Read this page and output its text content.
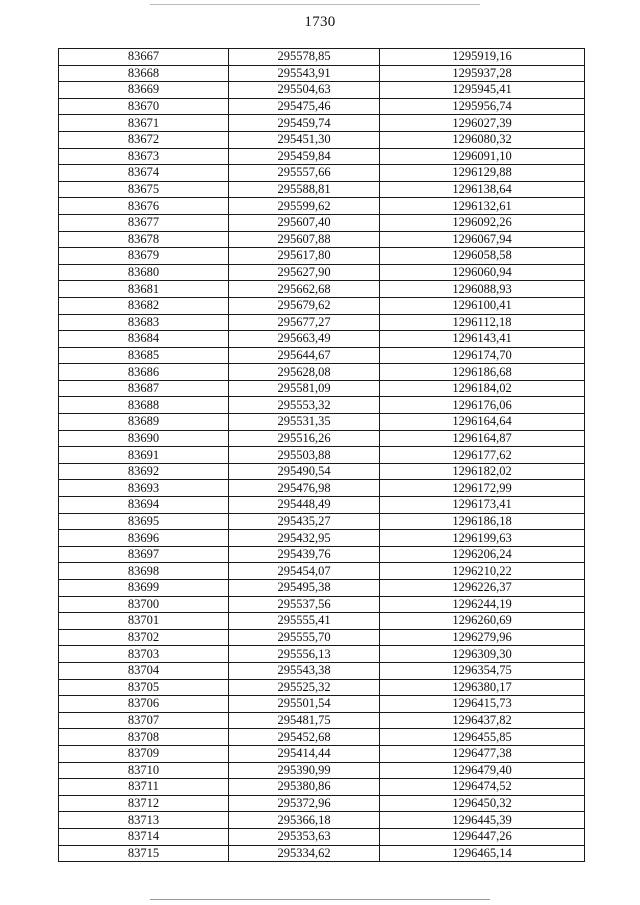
1730
83667	295578,85	1295919,16
83668	295543,91	1295937,28
83669	295504,63	1295945,41
83670	295475,46	1295956,74
83671	295459,74	1296027,39
83672	295451,30	1296080,32
83673	295459,84	1296091,10
83674	295557,66	1296129,88
83675	295588,81	1296138,64
83676	295599,62	1296132,61
83677	295607,40	1296092,26
83678	295607,88	1296067,94
83679	295617,80	1296058,58
83680	295627,90	1296060,94
83681	295662,68	1296088,93
83682	295679,62	1296100,41
83683	295677,27	1296112,18
83684	295663,49	1296143,41
83685	295644,67	1296174,70
83686	295628,08	1296186,68
83687	295581,09	1296184,02
83688	295553,32	1296176,06
83689	295531,35	1296164,64
83690	295516,26	1296164,87
83691	295503,88	1296177,62
83692	295490,54	1296182,02
83693	295476,98	1296172,99
83694	295448,49	1296173,41
83695	295435,27	1296186,18
83696	295432,95	1296199,63
83697	295439,76	1296206,24
83698	295454,07	1296210,22
83699	295495,38	1296226,37
83700	295537,56	1296244,19
83701	295555,41	1296260,69
83702	295555,70	1296279,96
83703	295556,13	1296309,30
83704	295543,38	1296354,75
83705	295525,32	1296380,17
83706	295501,54	1296415,73
83707	295481,75	1296437,82
83708	295452,68	1296455,85
83709	295414,44	1296477,38
83710	295390,99	1296479,40
83711	295380,86	1296474,52
83712	295372,96	1296450,32
83713	295366,18	1296445,39
83714	295353,63	1296447,26
83715	295334,62	1296465,14
